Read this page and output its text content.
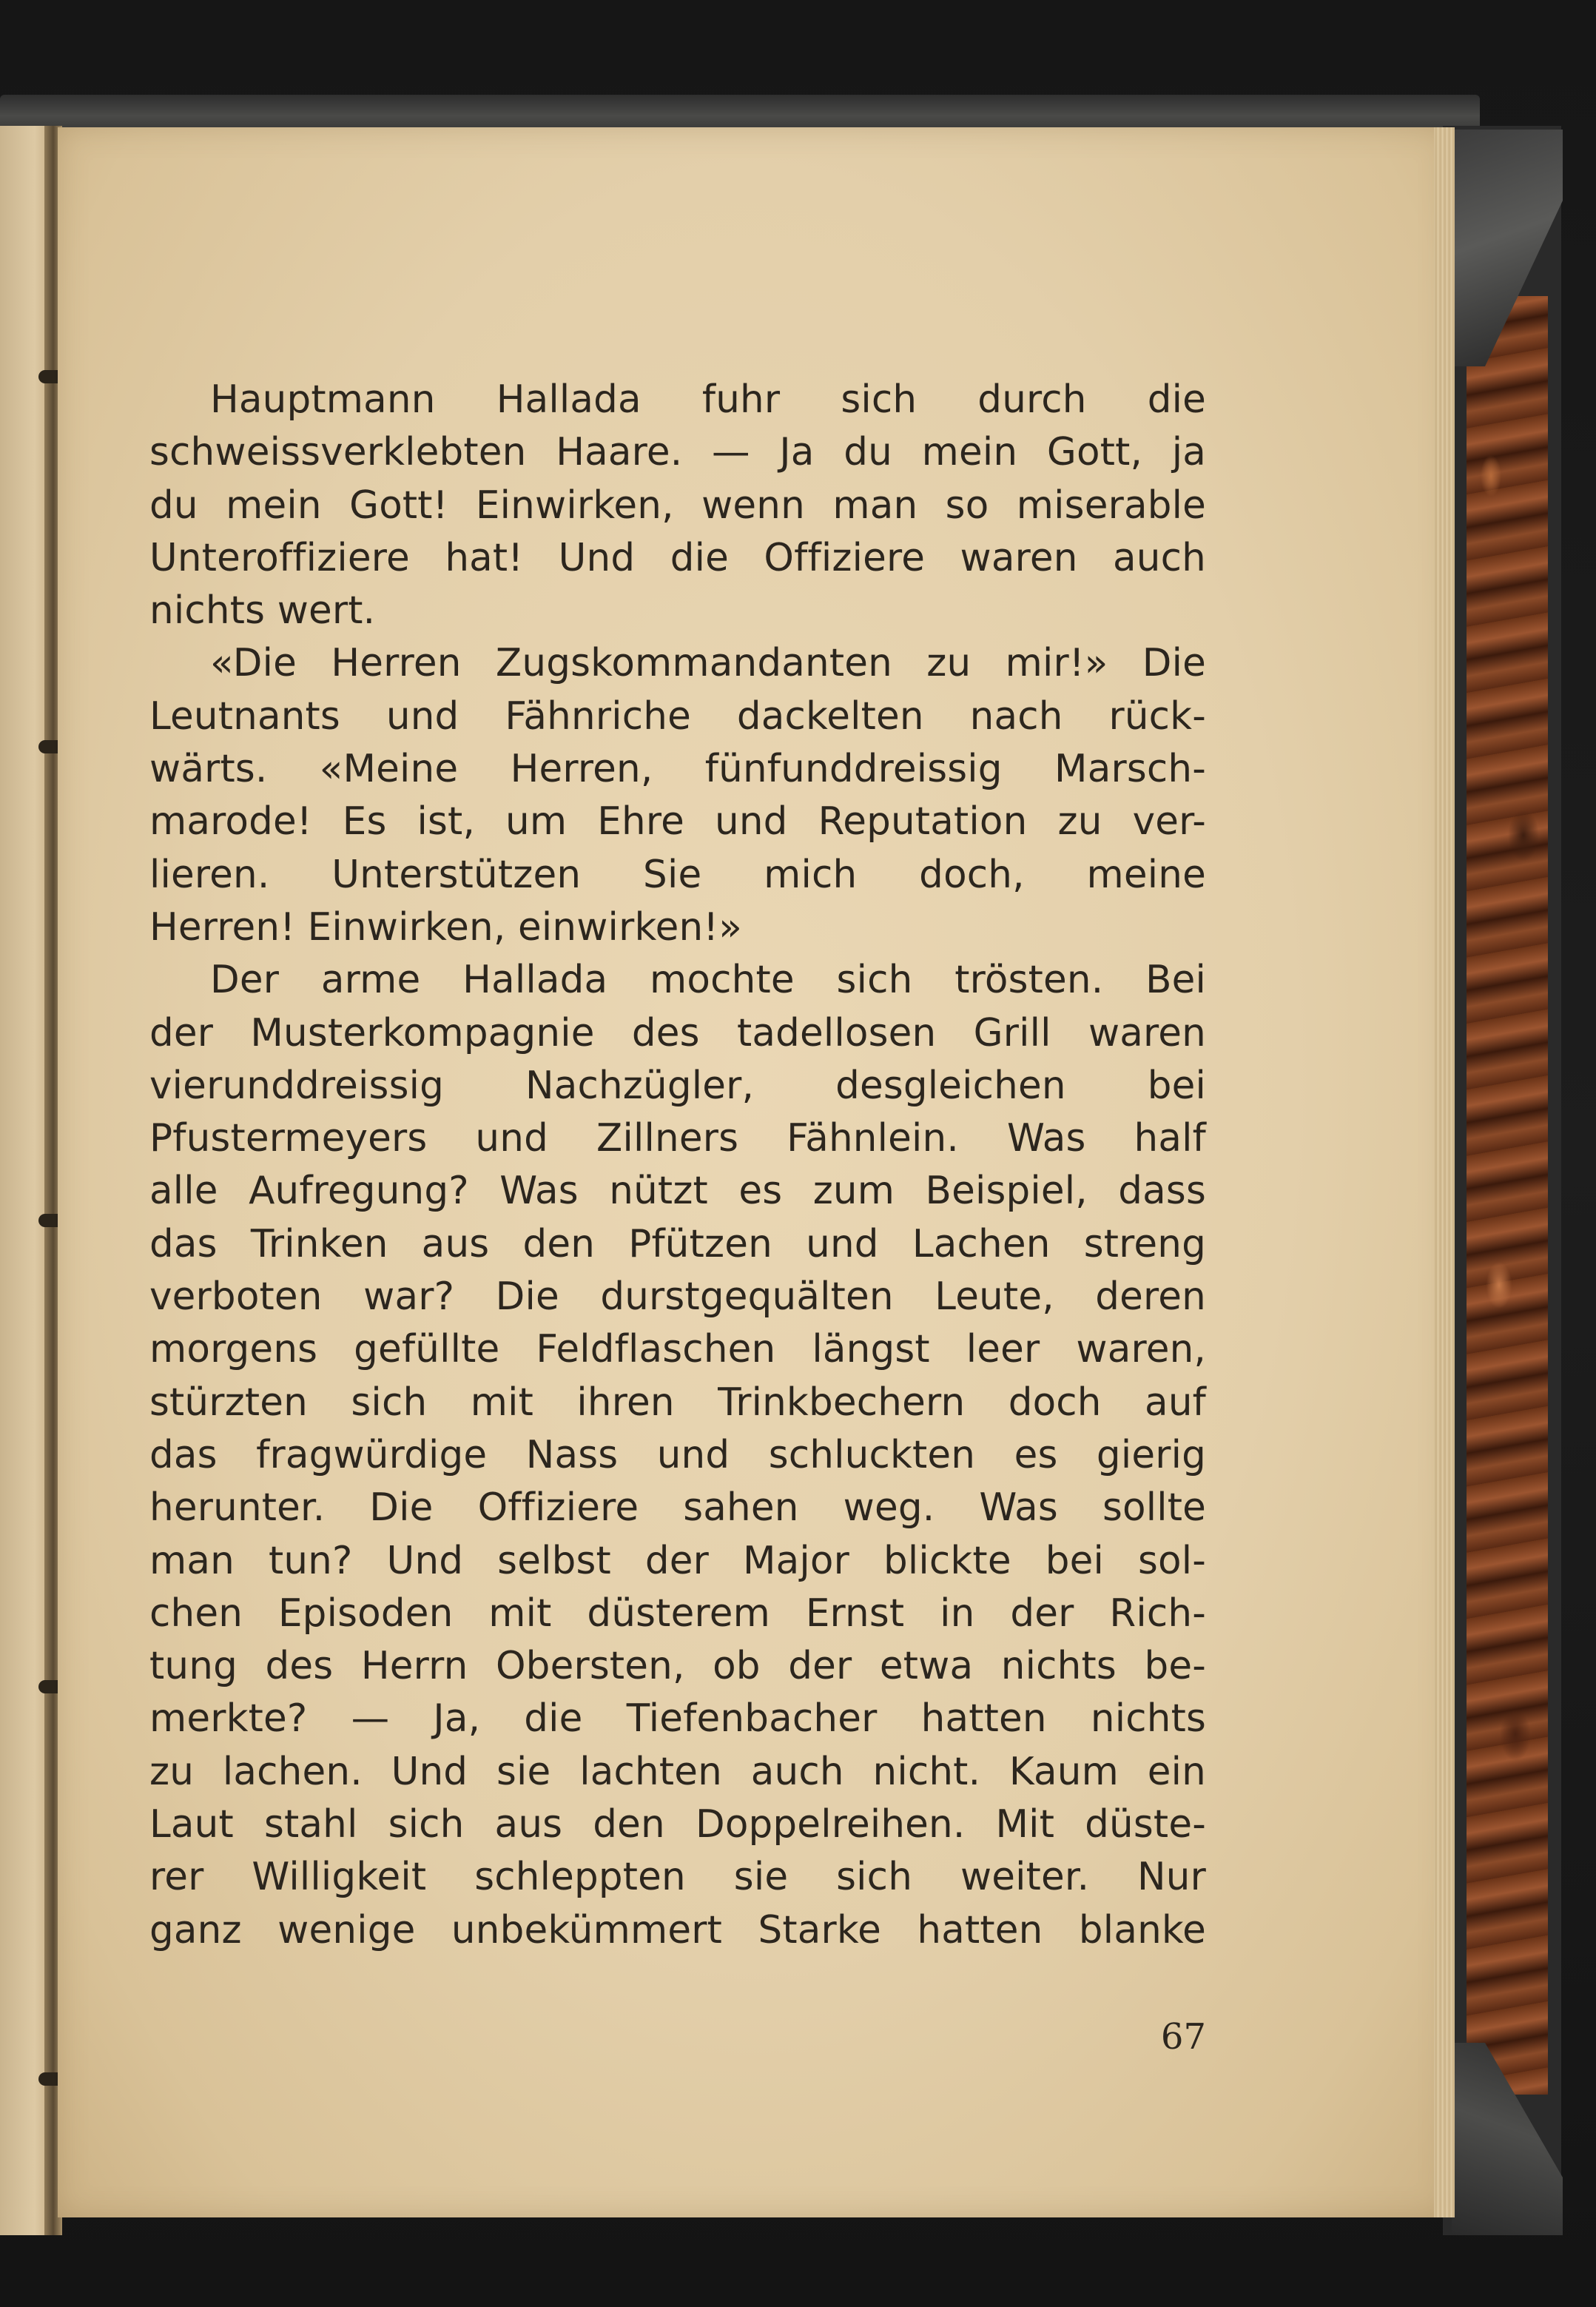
Hauptmann Hallada fuhr sich durch die
schweissverklebten Haare. — Ja du mein Gott, ja
du mein Gott! Einwirken, wenn man so miserable
Unteroffiziere hat! Und die Offiziere waren auch
nichts wert.
«Die Herren Zugskommandanten zu mir!» Die
Leutnants und Fähnriche dackelten nach rück-
wärts. «Meine Herren, fünfunddreissig Marsch-
marode! Es ist, um Ehre und Reputation zu ver-
lieren. Unterstützen Sie mich doch, meine
Herren! Einwirken, einwirken!»
Der arme Hallada mochte sich trösten. Bei
der Musterkompagnie des tadellosen Grill waren
vierunddreissig Nachzügler, desgleichen bei
Pfustermeyers und Zillners Fähnlein. Was half
alle Aufregung? Was nützt es zum Beispiel, dass
das Trinken aus den Pfützen und Lachen streng
verboten war? Die durstgequälten Leute, deren
morgens gefüllte Feldflaschen längst leer waren,
stürzten sich mit ihren Trinkbechern doch auf
das fragwürdige Nass und schluckten es gierig
herunter. Die Offiziere sahen weg. Was sollte
man tun? Und selbst der Major blickte bei sol-
chen Episoden mit düsterem Ernst in der Rich-
tung des Herrn Obersten, ob der etwa nichts be-
merkte? — Ja, die Tiefenbacher hatten nichts
zu lachen. Und sie lachten auch nicht. Kaum ein
Laut stahl sich aus den Doppelreihen. Mit düste-
rer Willigkeit schleppten sie sich weiter. Nur
ganz wenige unbekümmert Starke hatten blanke
67
